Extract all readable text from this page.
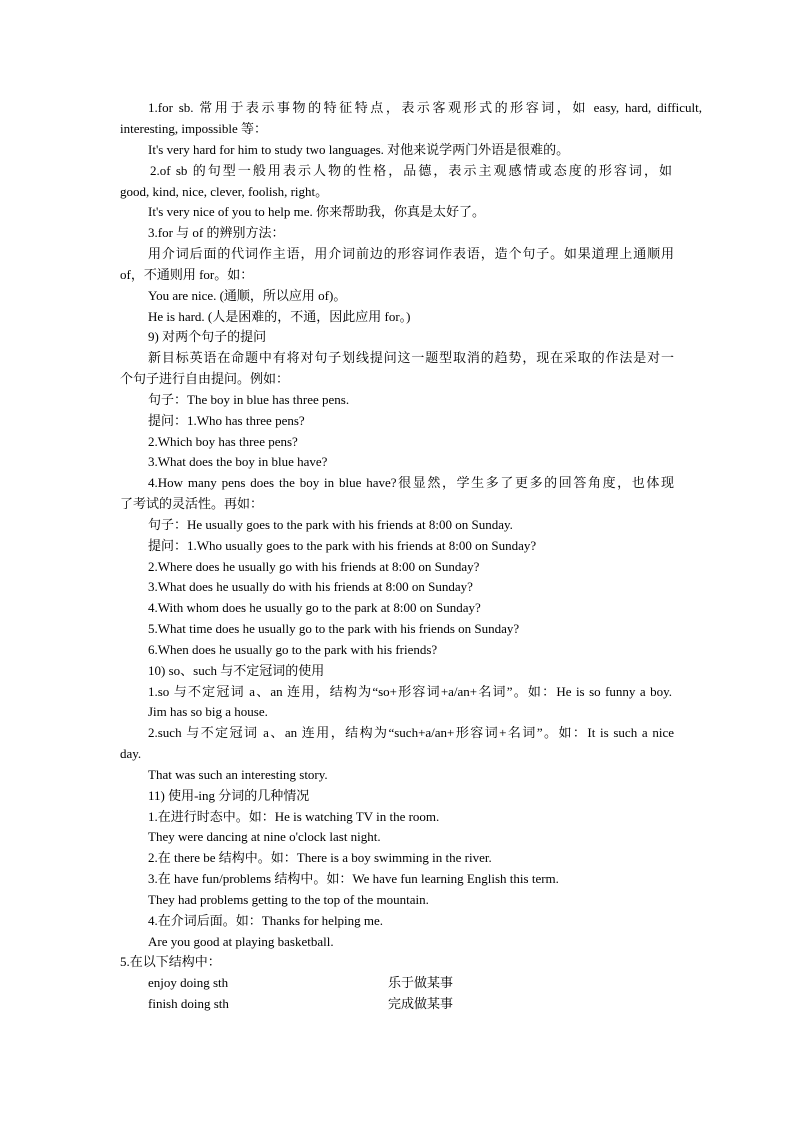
1.for sb. 常用于表示事物的特征特点，表示客观形式的形容词，如 easy, hard, difficult,
interesting, impossible 等：
It's very hard for him to study two languages. 对他来说学两门外语是很难的。
2.of sb 的句型一般用表示人物的性格，品德，表示主观感情或态度的形容词，如
good, kind, nice, clever, foolish, right。
It's very nice of you to help me. 你来帮助我，你真是太好了。
3.for 与 of 的辨别方法：
用介词后面的代词作主语，用介词前边的形容词作表语，造个句子。如果道理上通顺用
of，不通则用 for。如：
You are nice. (通顺，所以应用 of)。
He is hard. (人是困难的，不通，因此应用 for。)
9) 对两个句子的提问
新目标英语在命题中有将对句子划线提问这一题型取消的趋势，现在采取的作法是对一
个句子进行自由提问。例如：
句子：The boy in blue has three pens.
提问：1.Who has three pens?
2.Which boy has three pens?
3.What does the boy in blue have?
4.How many pens does the boy in blue have?很显然，学生多了更多的回答角度，也体现
了考试的灵活性。再如：
句子：He usually goes to the park with his friends at 8:00 on Sunday.
提问：1.Who usually goes to the park with his friends at 8:00 on Sunday?
2.Where does he usually go with his friends at 8:00 on Sunday?
3.What does he usually do with his friends at 8:00 on Sunday?
4.With whom does he usually go to the park at 8:00 on Sunday?
5.What time does he usually go to the park with his friends on Sunday?
6.When does he usually go to the park with his friends?
10) so、such 与不定冠词的使用
1.so 与不定冠词 a、an 连用，结构为“so+形容词+a/an+名词”。如：He is so funny a boy.
Jim has so big a house.
2.such 与不定冠词 a、an 连用，结构为“such+a/an+形容词+名词”。如：It is such a nice
day.
That was such an interesting story.
11) 使用-ing 分词的几种情况
1.在进行时态中。如：He is watching TV in the room.
They were dancing at nine o'clock last night.
2.在 there be 结构中。如：There is a boy swimming in the river.
3.在 have fun/problems 结构中。如：We have fun learning English this term.
They had problems getting to the top of the mountain.
4.在介词后面。如：Thanks for helping me.
Are you good at playing basketball.
5.在以下结构中：
enjoy doing sth	乐于做某事
finish doing sth	完成做某事
